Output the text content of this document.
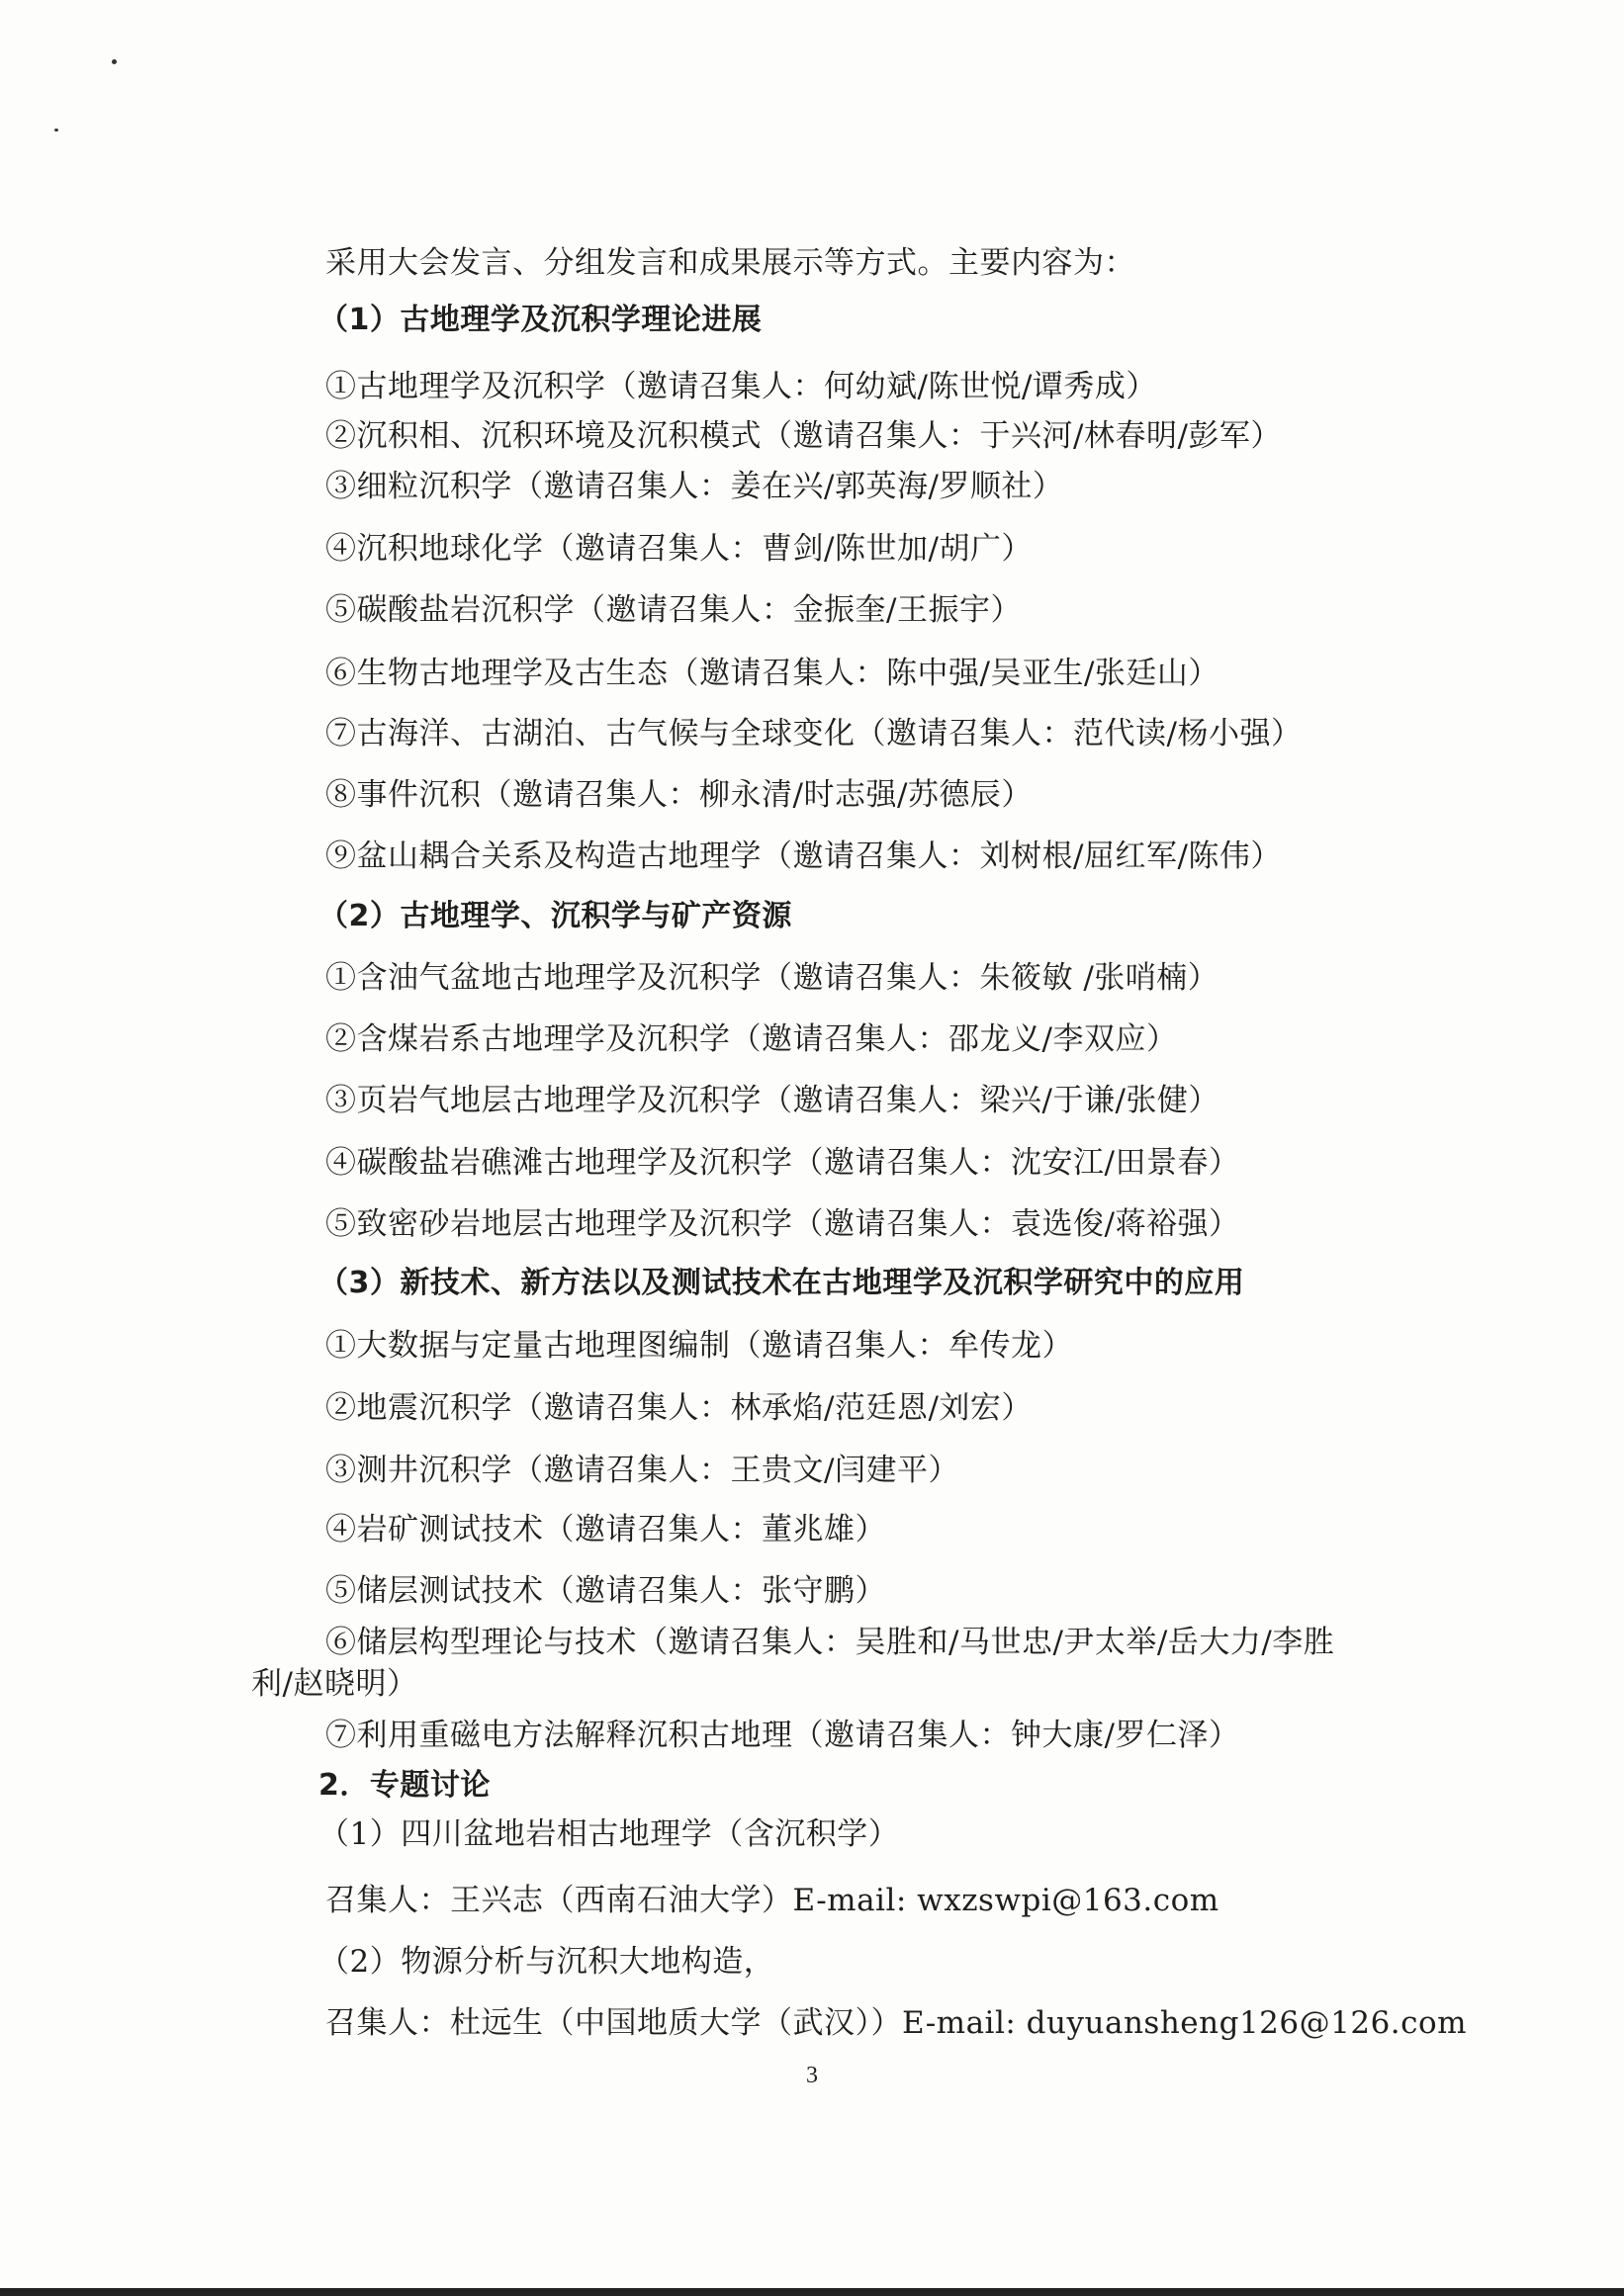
采用大会发言、分组发言和成果展示等方式。主要内容为：
（1）古地理学及沉积学理论进展
①古地理学及沉积学（邀请召集人：何幼斌/陈世悦/谭秀成）
②沉积相、沉积环境及沉积模式（邀请召集人：于兴河/林春明/彭军）
③细粒沉积学（邀请召集人：姜在兴/郭英海/罗顺社）
④沉积地球化学（邀请召集人：曹剑/陈世加/胡广）
⑤碳酸盐岩沉积学（邀请召集人：金振奎/王振宇）
⑥生物古地理学及古生态（邀请召集人：陈中强/吴亚生/张廷山）
⑦古海洋、古湖泊、古气候与全球变化（邀请召集人：范代读/杨小强）
⑧事件沉积（邀请召集人：柳永清/时志强/苏德辰）
⑨盆山耦合关系及构造古地理学（邀请召集人：刘树根/屈红军/陈伟）
（2）古地理学、沉积学与矿产资源
①含油气盆地古地理学及沉积学（邀请召集人：朱筱敏 /张哨楠）
②含煤岩系古地理学及沉积学（邀请召集人：邵龙义/李双应）
③页岩气地层古地理学及沉积学（邀请召集人：梁兴/于谦/张健）
④碳酸盐岩礁滩古地理学及沉积学（邀请召集人：沈安江/田景春）
⑤致密砂岩地层古地理学及沉积学（邀请召集人：袁选俊/蒋裕强）
（3）新技术、新方法以及测试技术在古地理学及沉积学研究中的应用
①大数据与定量古地理图编制（邀请召集人：牟传龙）
②地震沉积学（邀请召集人：林承焰/范廷恩/刘宏）
③测井沉积学（邀请召集人：王贵文/闫建平）
④岩矿测试技术（邀请召集人：董兆雄）
⑤储层测试技术（邀请召集人：张守鹏）
⑥储层构型理论与技术（邀请召集人：吴胜和/马世忠/尹太举/岳大力/李胜
利/赵晓明）
⑦利用重磁电方法解释沉积古地理（邀请召集人：钟大康/罗仁泽）
2．专题讨论
（1）四川盆地岩相古地理学（含沉积学）
召集人：王兴志（西南石油大学）E-mail: wxzswpi@163.com
（2）物源分析与沉积大地构造，
召集人：杜远生（中国地质大学（武汉））E-mail: duyuansheng126@126.com
3
